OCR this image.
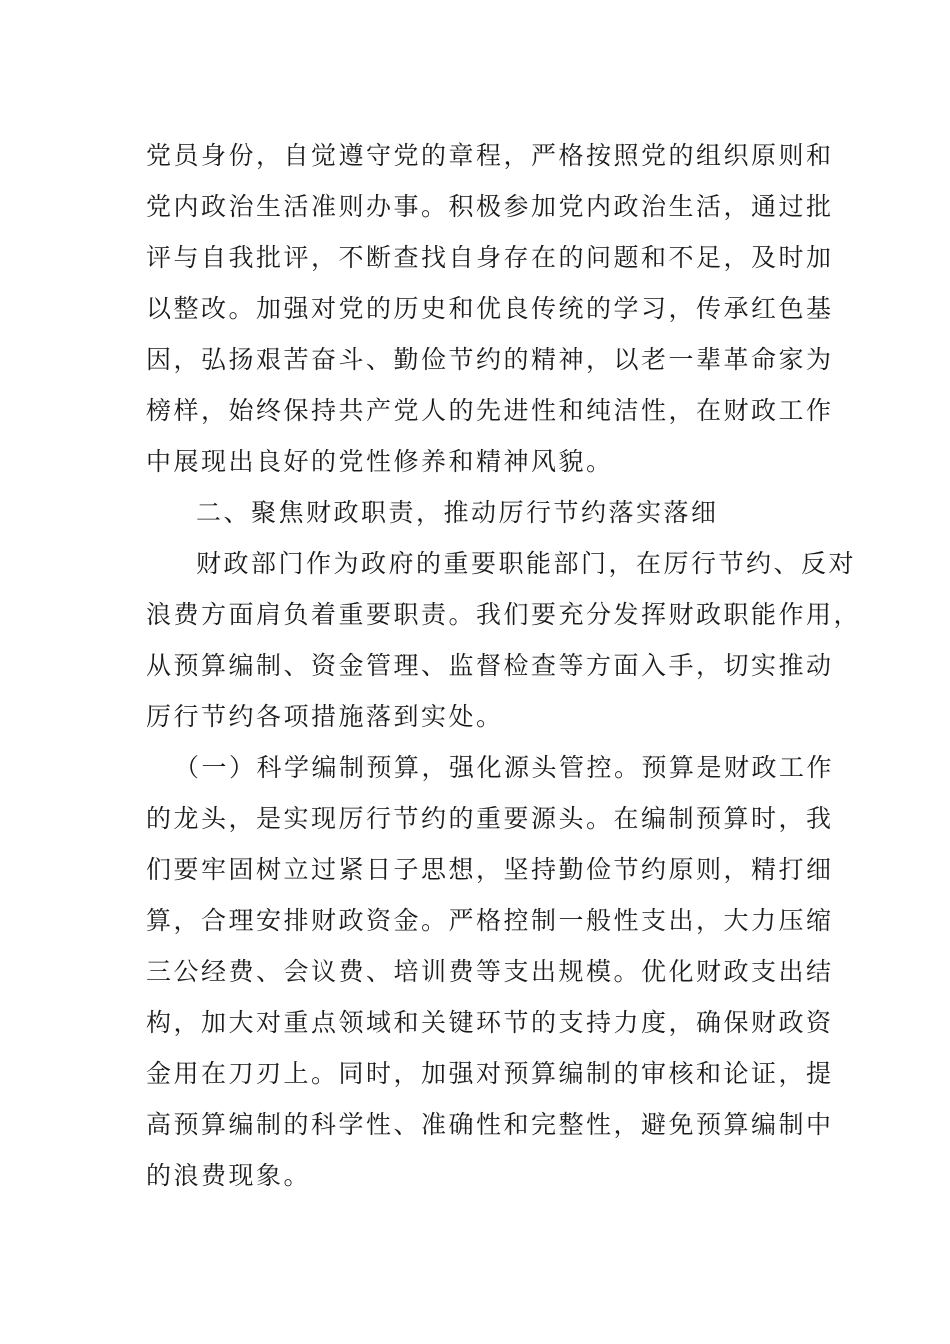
党员身份，自觉遵守党的章程，严格按照党的组织原则和
党内政治生活准则办事。积极参加党内政治生活，通过批
评与自我批评，不断查找自身存在的问题和不足，及时加
以整改。加强对党的历史和优良传统的学习，传承红色基
因，弘扬艰苦奋斗、勤俭节约的精神，以老一辈革命家为
榜样，始终保持共产党人的先进性和纯洁性，在财政工作
中展现出良好的党性修养和精神风貌。
二、聚焦财政职责，推动厉行节约落实落细
财政部门作为政府的重要职能部门，在厉行节约、反对
浪费方面肩负着重要职责。我们要充分发挥财政职能作用，
从预算编制、资金管理、监督检查等方面入手，切实推动
厉行节约各项措施落到实处。
（一）科学编制预算，强化源头管控。预算是财政工作
的龙头，是实现厉行节约的重要源头。在编制预算时，我
们要牢固树立过紧日子思想，坚持勤俭节约原则，精打细
算，合理安排财政资金。严格控制一般性支出，大力压缩
三公经费、会议费、培训费等支出规模。优化财政支出结
构，加大对重点领域和关键环节的支持力度，确保财政资
金用在刀刃上。同时，加强对预算编制的审核和论证，提
高预算编制的科学性、准确性和完整性，避免预算编制中
的浪费现象。
